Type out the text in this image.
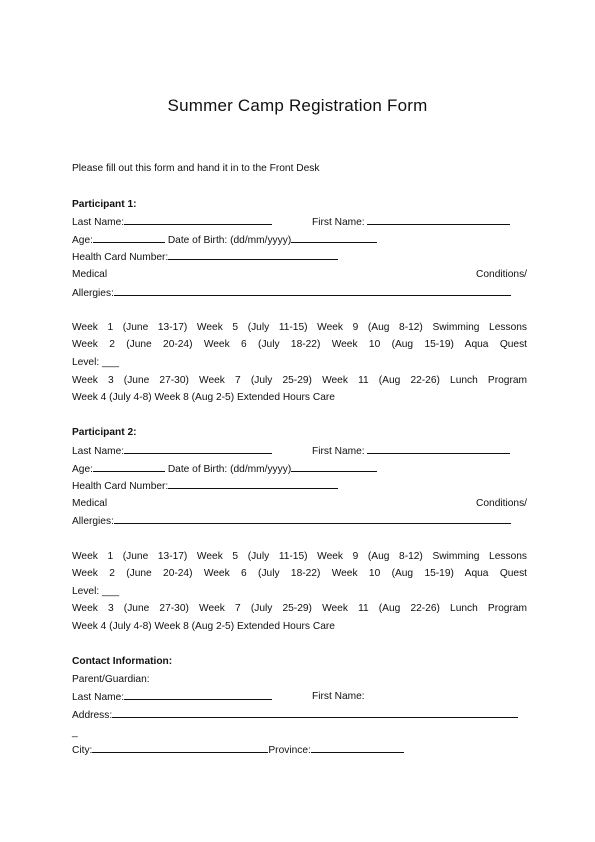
Summer Camp Registration Form
Please fill out this form and hand it in to the Front Desk
Participant 1:
Last Name:	First Name:
Age:	Date of Birth: (dd/mm/yyyy)
Health Card Number:
Medical	Conditions/
Allergies:
Week 1 (June 13-17) Week 5 (July 11-15) Week 9 (Aug 8-12) Swimming Lessons
Week 2 (June 20-24) Week 6 (July 18-22) Week 10 (Aug 15-19) Aqua Quest
Level: ___
Week 3 (June 27-30) Week 7 (July 25-29) Week 11 (Aug 22-26) Lunch Program
Week 4 (July 4-8) Week 8 (Aug 2-5) Extended Hours Care
Participant 2:
Last Name:	First Name:
Age:	Date of Birth: (dd/mm/yyyy)
Health Card Number:
Medical	Conditions/
Allergies:
Week 1 (June 13-17) Week 5 (July 11-15) Week 9 (Aug 8-12) Swimming Lessons
Week 2 (June 20-24) Week 6 (July 18-22) Week 10 (Aug 15-19) Aqua Quest
Level: ___
Week 3 (June 27-30) Week 7 (July 25-29) Week 11 (Aug 22-26) Lunch Program
Week 4 (July 4-8) Week 8 (Aug 2-5) Extended Hours Care
Contact Information:
Parent/Guardian:
Last Name:	First Name:
Address:
_
City:	Province:
